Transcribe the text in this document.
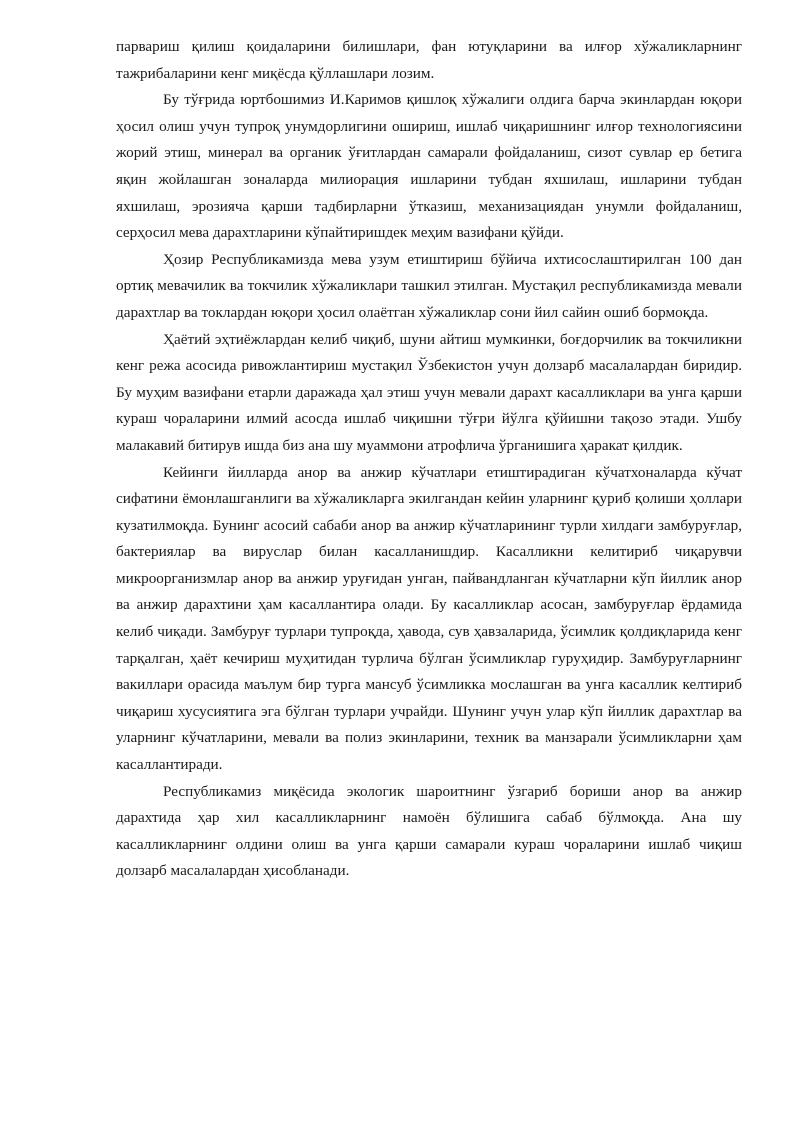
парвариш қилиш қоидаларини билишлари, фан ютуқларини ва илғор хўжаликларнинг тажрибаларини кенг миқёсда қўллашлари лозим.

Бу тўғрида юртбошимиз И.Каримов қишлоқ хўжалиги олдига барча экинлардан юқори ҳосил олиш учун тупроқ унумдорлигини ошириш, ишлаб чиқаришнинг илғор технологиясини жорий этиш, минерал ва органик ўғитлардан самарали фойдаланиш, сизот сувлар ер бетига яқин жойлашган зоналарда милиорация ишларини тубдан яхшилаш, ишларини тубдан яхшилаш, эрозияча қарши тадбирларни ўтказиш, механизациядан унумли фойдаланиш, серҳосил мева дарахтларини кўпайтиришдек меҳим вазифани қўйди.

Ҳозир Республикамизда мева узум етиштириш бўйича ихтисослаштирилган 100 дан ортиқ мевачилик ва токчилик хўжаликлари ташкил этилган. Мустақил республикамизда мевали дарахтлар ва токлардан юқори ҳосил олаётган хўжаликлар сони йил сайин ошиб бормоқда.

Ҳаётий эҳтиёжлардан келиб чиқиб, шуни айтиш мумкинки, боғдорчилик ва токчиликни кенг режа асосида ривожлантириш мустақил Ўзбекистон учун долзарб масалалардан биридир. Бу муҳим вазифани етарли даражада ҳал этиш учун мевали дарахт касалликлари ва унга қарши кураш чораларини илмий асосда ишлаб чиқишни тўғри йўлга қўйишни тақозо этади. Ушбу малакавий битирув ишда биз ана шу муаммони атрофлича ўрганишига ҳаракат қилдик.

Кейинги йилларда анор ва анжир кўчатлари етиштирадиган кўчатхоналарда кўчат сифатини ёмонлашганлиги ва хўжаликларга экилгандан кейин уларнинг қуриб қолиши ҳоллари кузатилмоқда. Бунинг асосий сабаби анор ва анжир кўчатларининг турли хилдаги замбуруғлар, бактериялар ва вируслар билан касалланишдир. Касалликни келитириб чиқарувчи микроорганизмлар анор ва анжир уруғидан унган, пайвандланган кўчатларни кўп йиллик анор ва анжир дарахтини ҳам касаллантира олади. Бу касалликлар асосан, замбуруғлар ёрдамида келиб чиқади. Замбуруғ турлари тупроқда, ҳавода, сув ҳавзаларида, ўсимлик қолдиқларида кенг тарқалган, ҳаёт кечириш муҳитидан турлича бўлган ўсимликлар гуруҳидир. Замбуруғларнинг вакиллари орасида маълум бир турга мансуб ўсимликка мослашган ва унга касаллик келтириб чиқариш хусусиятига эга бўлган турлари учрайди. Шунинг учун улар кўп йиллик дарахтлар ва уларнинг кўчатларини, мевали ва полиз экинларини, техник ва манзарали ўсимликларни ҳам касаллантиради.

Республикамиз миқёсида экологик шароитнинг ўзгариб бориши анор ва анжир дарахтида ҳар хил касалликларнинг намоён бўлишига сабаб бўлмоқда. Ана шу касалликларнинг олдини олиш ва унга қарши самарали кураш чораларини ишлаб чиқиш долзарб масалалардан ҳисобланади.
